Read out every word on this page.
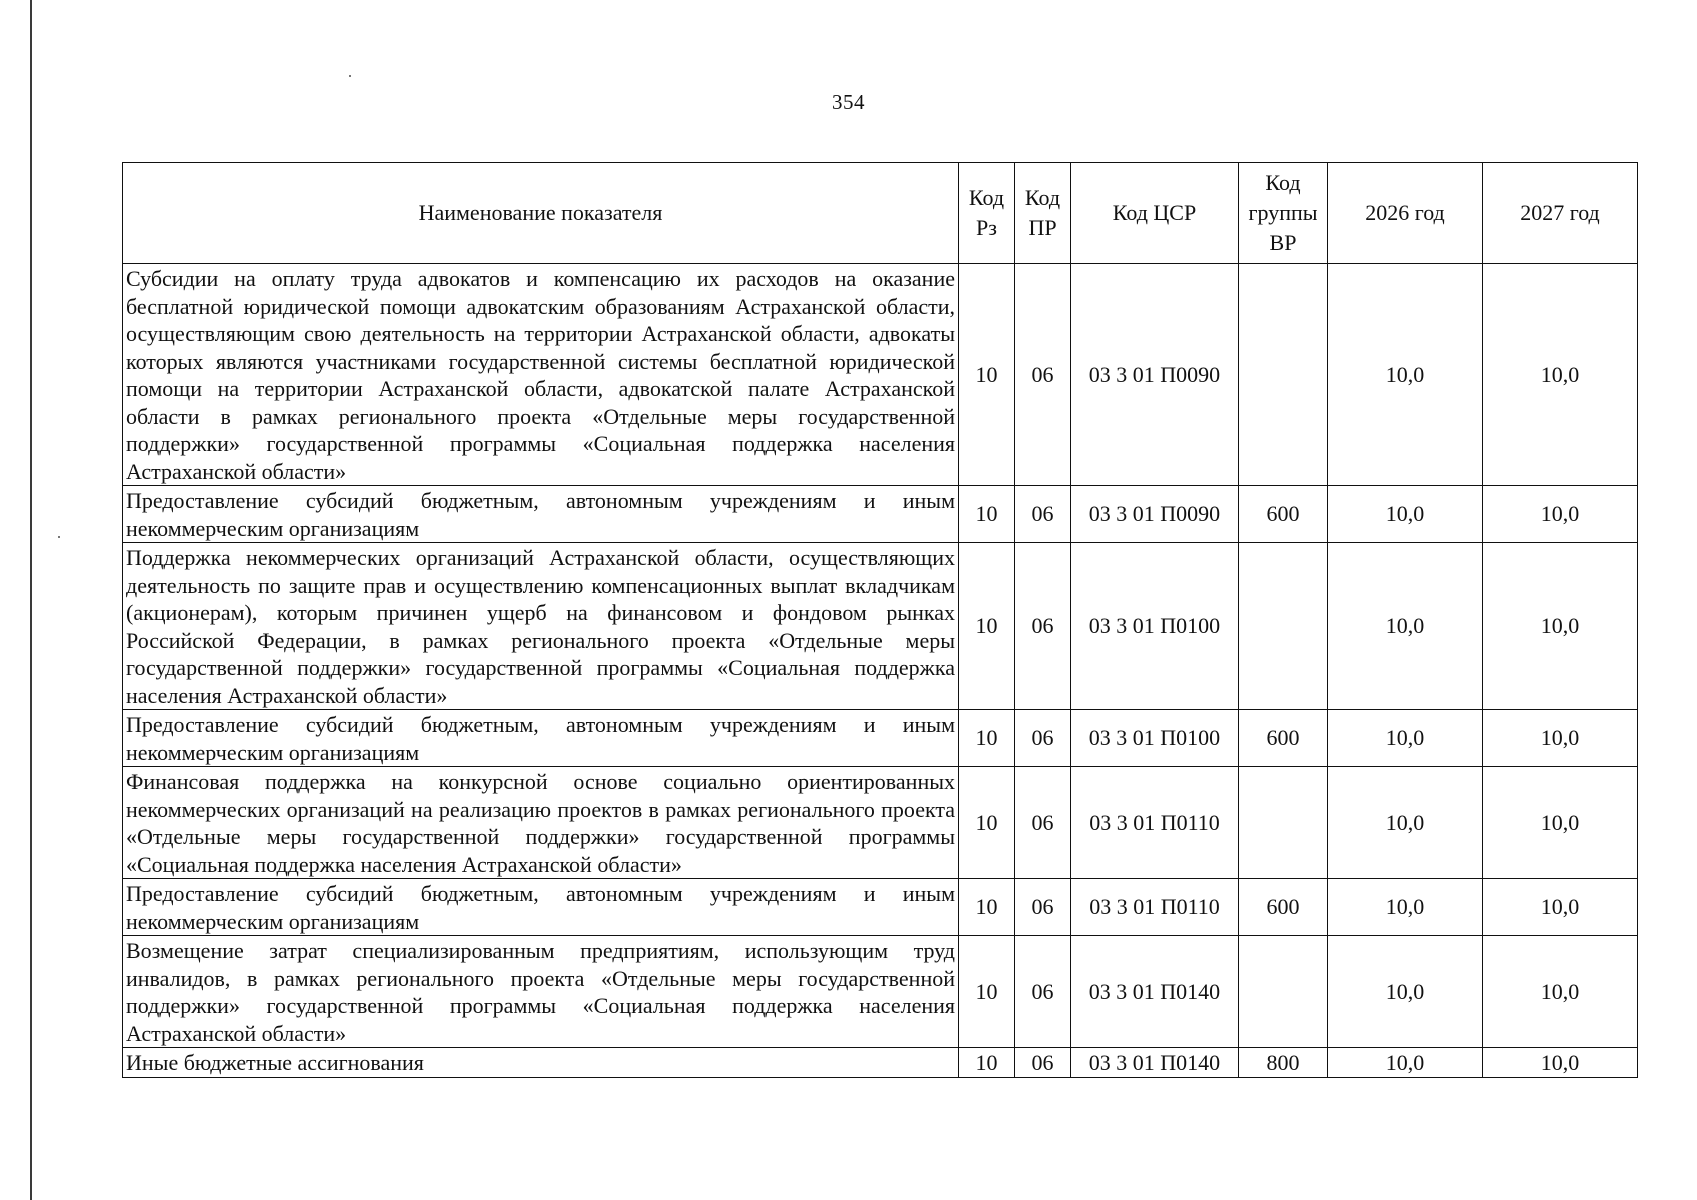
354
Наименование показателя	Код Рз	Код ПР	Код ЦСР	Код группы ВР	2026 год	2027 год
Субсидии на оплату труда адвокатов и компенсацию их расходов на оказание бесплатной юридической помощи адвокатским образованиям Астраханской области, осуществляющим свою деятельность на территории Астраханской области, адвокаты которых являются участниками государственной системы бесплатной юридической помощи на территории Астраханской области, адвокатской палате Астраханской области в рамках регионального проекта «Отдельные меры государственной поддержки» государственной программы «Социальная поддержка населения Астраханской области»	10	06	03 3 01 П0090		10,0	10,0
Предоставление субсидий бюджетным, автономным учреждениям и иным некоммерческим организациям	10	06	03 3 01 П0090	600	10,0	10,0
Поддержка некоммерческих организаций Астраханской области, осуществляющих деятельность по защите прав и осуществлению компенсационных выплат вкладчикам (акционерам), которым причинен ущерб на финансовом и фондовом рынках Российской Федерации, в рамках регионального проекта «Отдельные меры государственной поддержки» государственной программы «Социальная поддержка населения Астраханской области»	10	06	03 3 01 П0100		10,0	10,0
Предоставление субсидий бюджетным, автономным учреждениям и иным некоммерческим организациям	10	06	03 3 01 П0100	600	10,0	10,0
Финансовая поддержка на конкурсной основе социально ориентированных некоммерческих организаций на реализацию проектов в рамках регионального проекта «Отдельные меры государственной поддержки» государственной программы «Социальная поддержка населения Астраханской области»	10	06	03 3 01 П0110		10,0	10,0
Предоставление субсидий бюджетным, автономным учреждениям и иным некоммерческим организациям	10	06	03 3 01 П0110	600	10,0	10,0
Возмещение затрат специализированным предприятиям, использующим труд инвалидов, в рамках регионального проекта «Отдельные меры государственной поддержки» государственной программы «Социальная поддержка населения Астраханской области»	10	06	03 3 01 П0140		10,0	10,0
Иные бюджетные ассигнования	10	06	03 3 01 П0140	800	10,0	10,0
